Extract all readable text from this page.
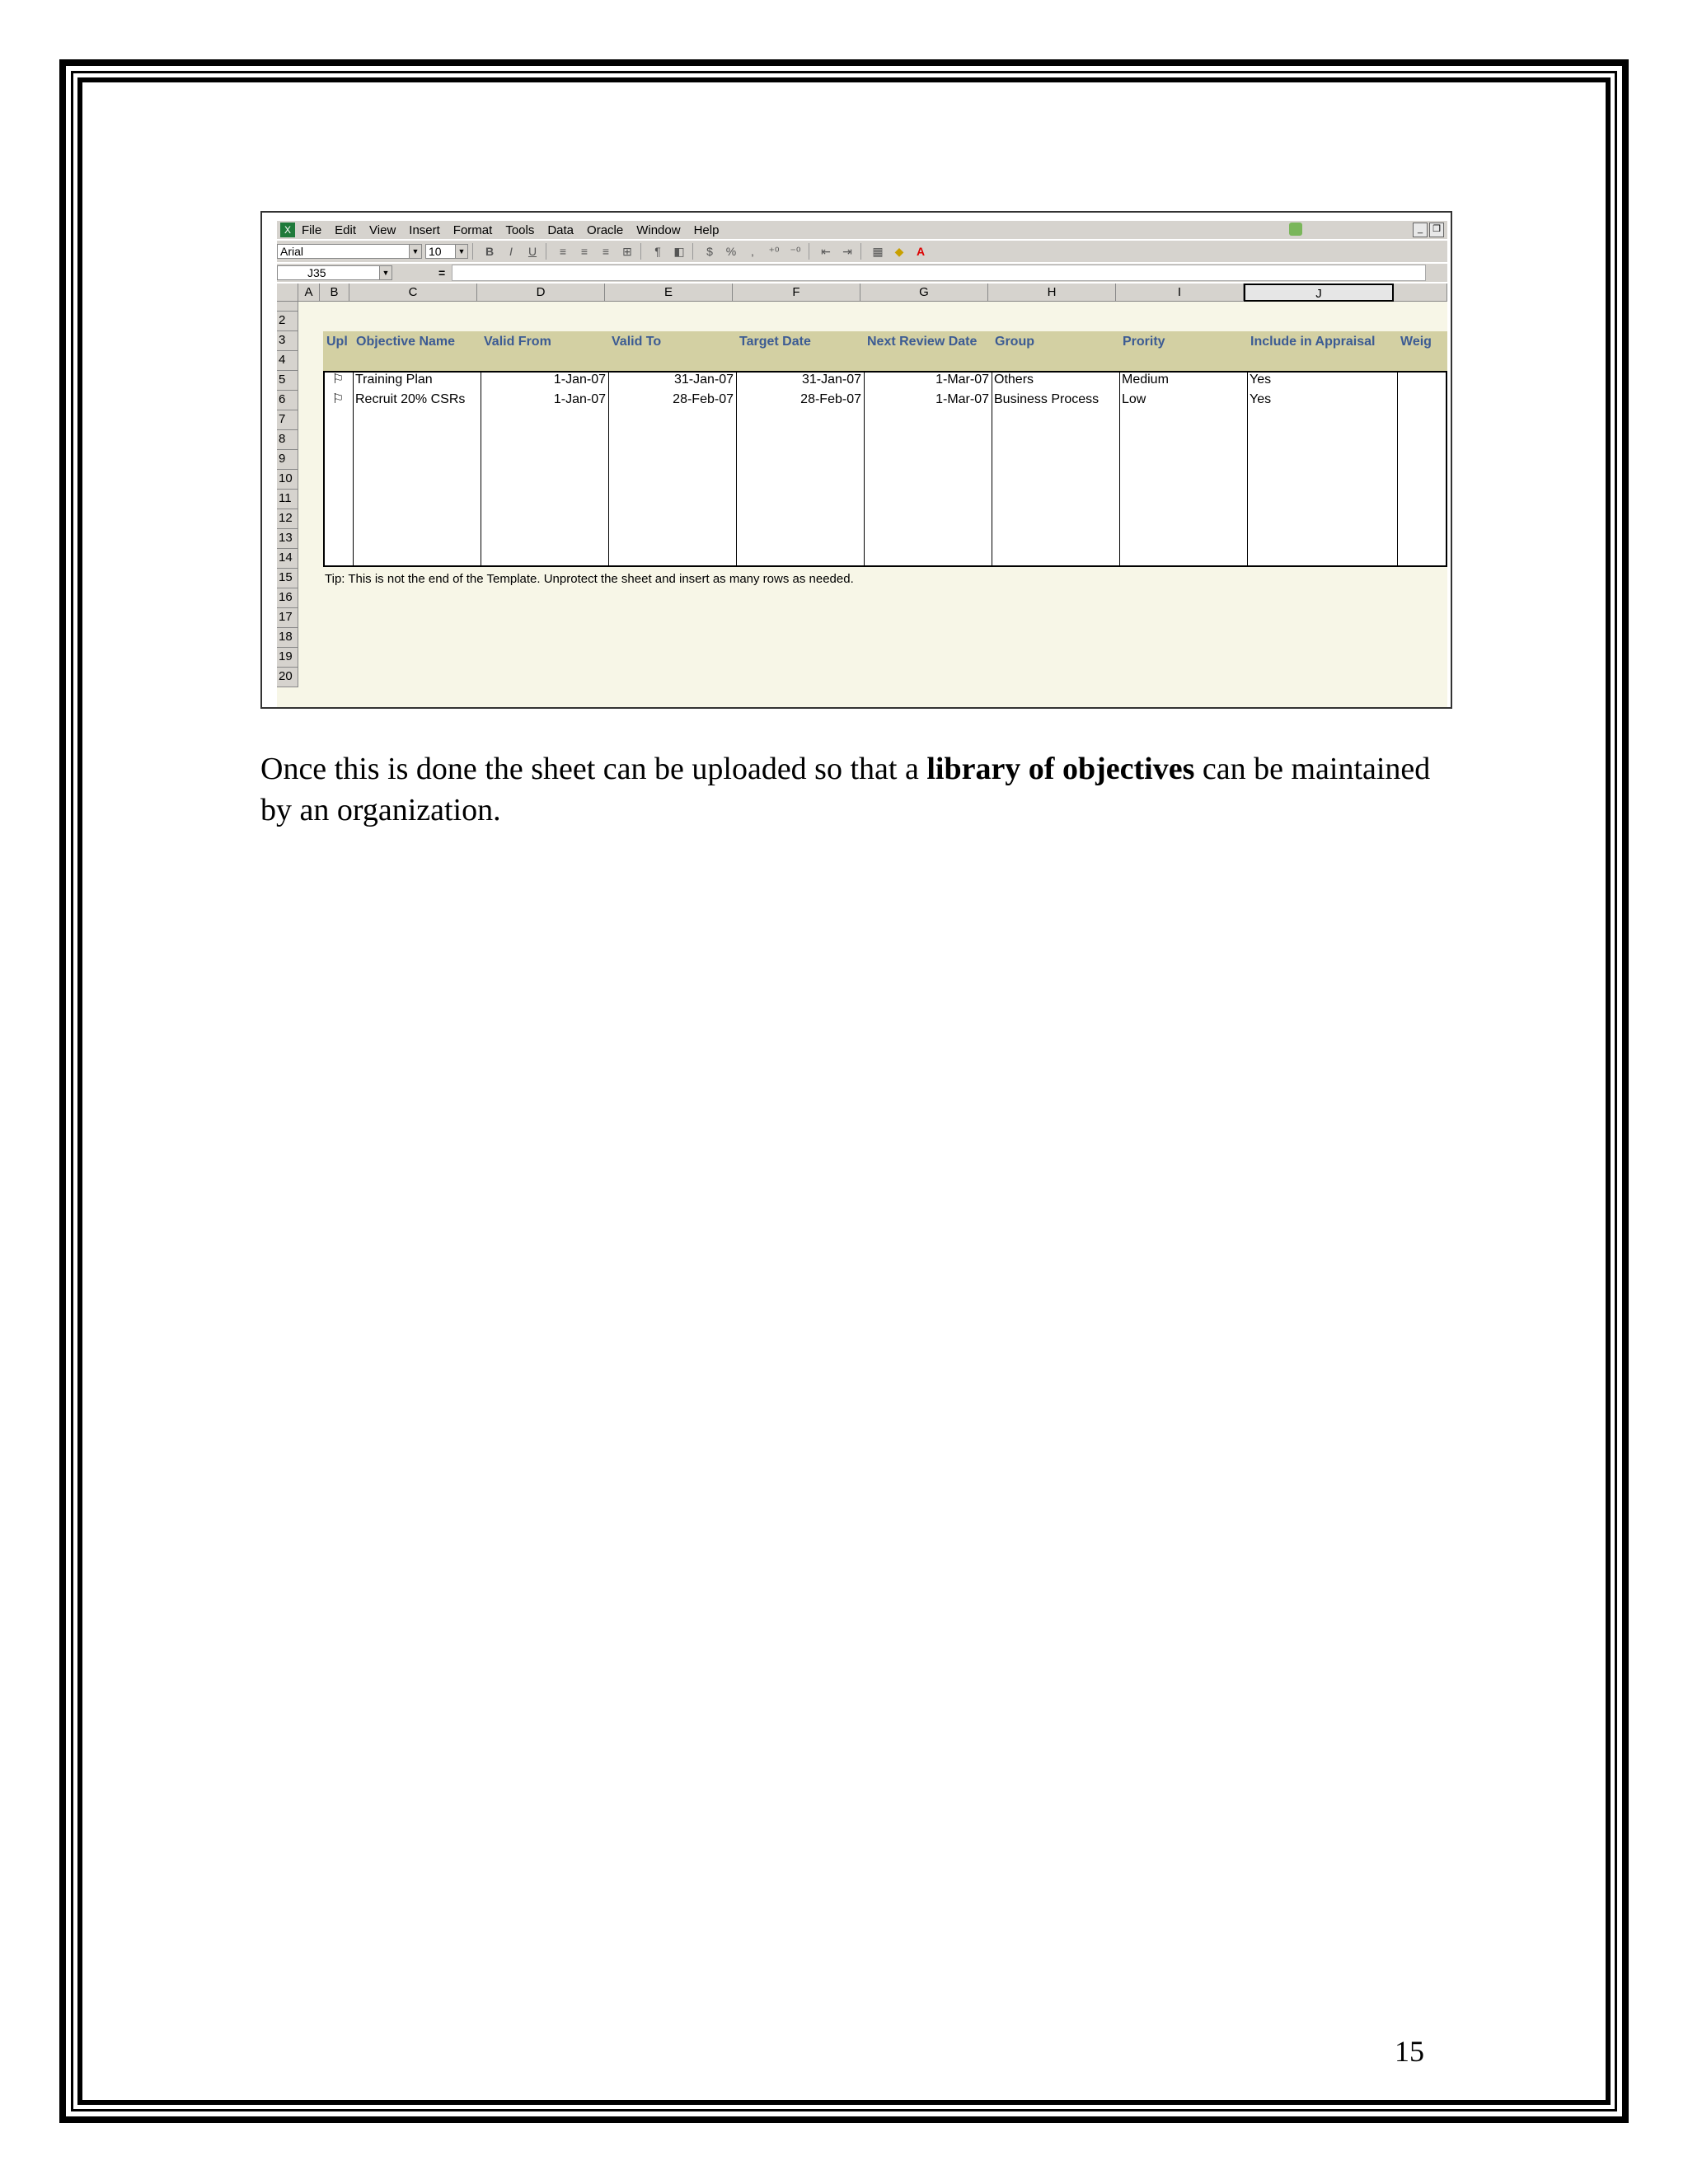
X File Edit View Insert Format Tools Data Oracle Window Help	_	❐
Arial	▼ 10	▼	B	I	U	≡	≡	≡	⊞	¶	◧	$	%	,	⁺⁰ ⁻⁰	⇤	⇥	▦	◆	A
J35	▼	=
A	B	C	D	E	F	G	H	I	J
2
3
4
5
6
7
8
9
10
11
12
13
14
15
16
17
18
19
20
Upl Objective Name	Valid From	Valid To	Target Date	Next Review Date	Group	Prority	Include in Appraisal	Weig
⚐ Training Plan	1-Jan-07	31-Jan-07	31-Jan-07	1-Mar-07 Others	Medium	Yes
⚐ Recruit 20% CSRs	1-Jan-07	28-Feb-07	28-Feb-07	1-Mar-07 Business Process	Low	Yes
Tip: This is not the end of the Template. Unprotect the sheet and insert as many rows as needed.
Once this is done the sheet can be uploaded so that a library of objectives can be maintained by an organization.
15
